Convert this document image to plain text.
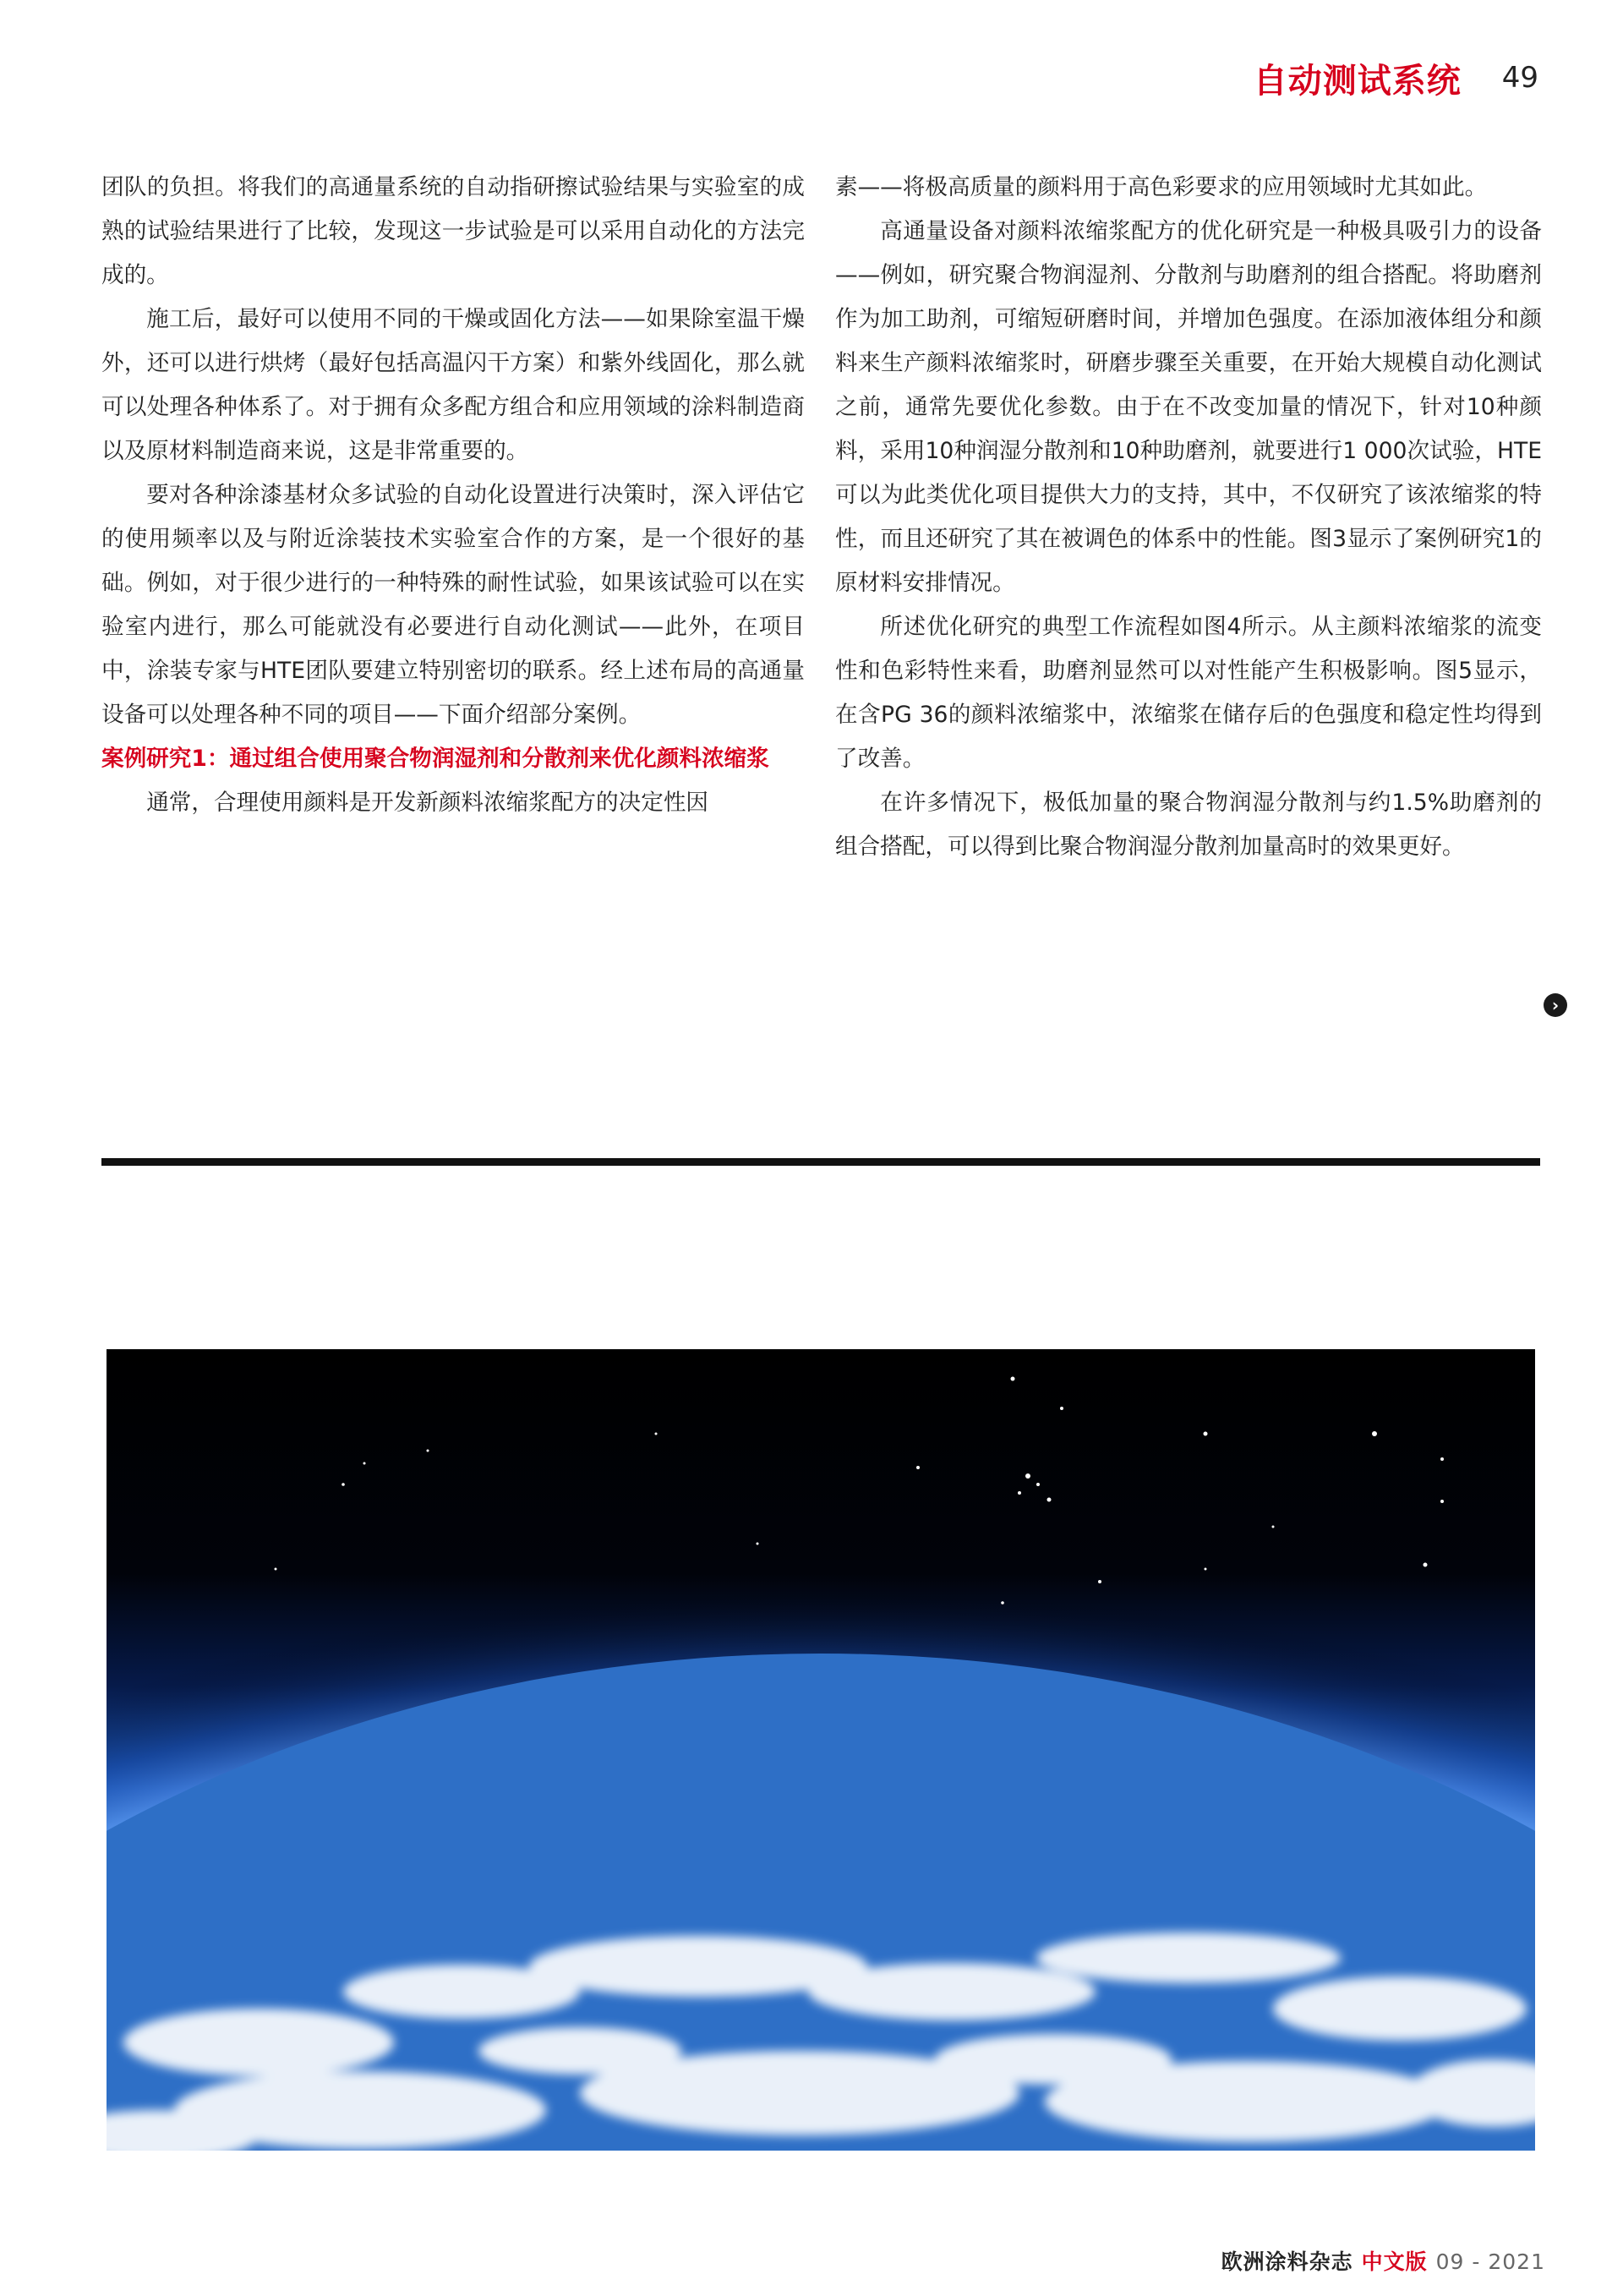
自动测试系统 49

团队的负担。将我们的高通量系统的自动指研擦试验结果与实验室的成熟的试验结果进行了比较，发现这一步试验是可以采用自动化的方法完成的。

施工后，最好可以使用不同的干燥或固化方法——如果除室温干燥外，还可以进行烘烤（最好包括高温闪干方案）和紫外线固化，那么就可以处理各种体系了。对于拥有众多配方组合和应用领域的涂料制造商以及原材料制造商来说，这是非常重要的。

要对各种涂漆基材众多试验的自动化设置进行决策时，深入评估它的使用频率以及与附近涂装技术实验室合作的方案，是一个很好的基础。例如，对于很少进行的一种特殊的耐性试验，如果该试验可以在实验室内进行，那么可能就没有必要进行自动化测试——此外，在项目中，涂装专家与HTE团队要建立特别密切的联系。经上述布局的高通量设备可以处理各种不同的项目——下面介绍部分案例。

案例研究1：通过组合使用聚合物润湿剂和分散剂来优化颜料浓缩浆

通常，合理使用颜料是开发新颜料浓缩浆配方的决定性因

素——将极高质量的颜料用于高色彩要求的应用领域时尤其如此。

高通量设备对颜料浓缩浆配方的优化研究是一种极具吸引力的设备——例如，研究聚合物润湿剂、分散剂与助磨剂的组合搭配。将助磨剂作为加工助剂，可缩短研磨时间，并增加色强度。在添加液体组分和颜料来生产颜料浓缩浆时，研磨步骤至关重要，在开始大规模自动化测试之前，通常先要优化参数。由于在不改变加量的情况下，针对10种颜料，采用10种润湿分散剂和10种助磨剂，就要进行1 000次试验，HTE可以为此类优化项目提供大力的支持，其中，不仅研究了该浓缩浆的特性，而且还研究了其在被调色的体系中的性能。图3显示了案例研究1的原材料安排情况。

所述优化研究的典型工作流程如图4所示。从主颜料浓缩浆的流变性和色彩特性来看，助磨剂显然可以对性能产生积极影响。图5显示，在含PG 36的颜料浓缩浆中，浓缩浆在储存后的色强度和稳定性均得到了改善。

在许多情况下，极低加量的聚合物润湿分散剂与约1.5%助磨剂的组合搭配，可以得到比聚合物润湿分散剂加量高时的效果更好。

›
欧洲涂料杂志 中文版 09 - 2021
